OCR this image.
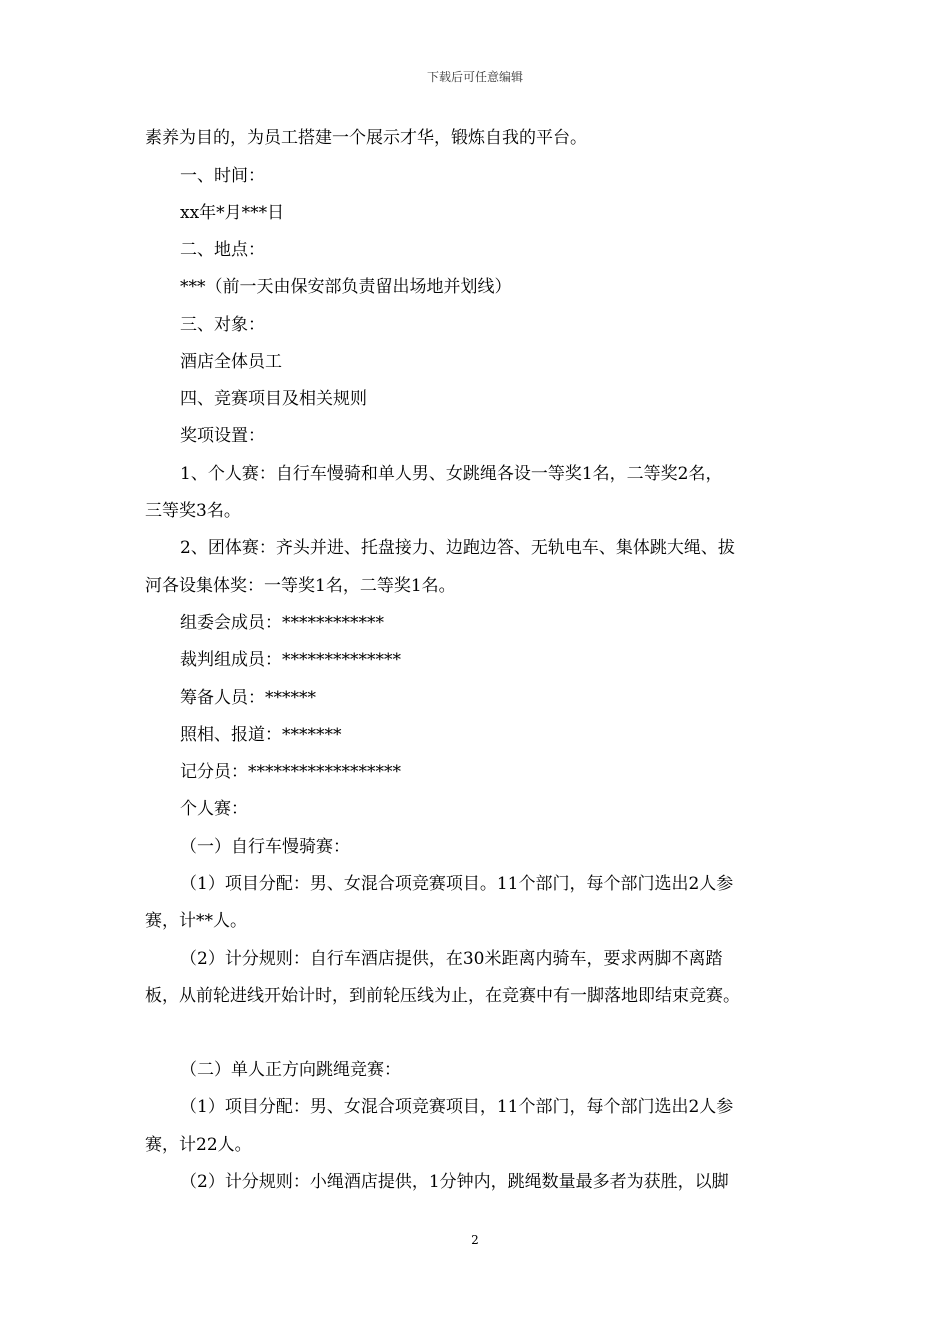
下载后可任意编辑
素养为目的，为员工搭建一个展示才华，锻炼自我的平台。
一、时间：
xx年*月***日
二、地点：
***（前一天由保安部负责留出场地并划线）
三、对象：
酒店全体员工
四、竞赛项目及相关规则
奖项设置：
1、个人赛：自行车慢骑和单人男、女跳绳各设一等奖1名，二等奖2名，
三等奖3名。
2、团体赛：齐头并进、托盘接力、边跑边答、无轨电车、集体跳大绳、拔
河各设集体奖：一等奖1名，二等奖1名。
组委会成员：************
裁判组成员：**************
筹备人员：******
照相、报道：*******
记分员：******************
个人赛：
（一）自行车慢骑赛：
（1）项目分配：男、女混合项竞赛项目。11个部门，每个部门选出2人参
赛，计**人。
（2）计分规则：自行车酒店提供，在30米距离内骑车，要求两脚不离踏
板，从前轮进线开始计时，到前轮压线为止，在竞赛中有一脚落地即结束竞赛。
（二）单人正方向跳绳竞赛：
（1）项目分配：男、女混合项竞赛项目，11个部门，每个部门选出2人参
赛，计22人。
（2）计分规则：小绳酒店提供，1分钟内，跳绳数量最多者为获胜，以脚
2
